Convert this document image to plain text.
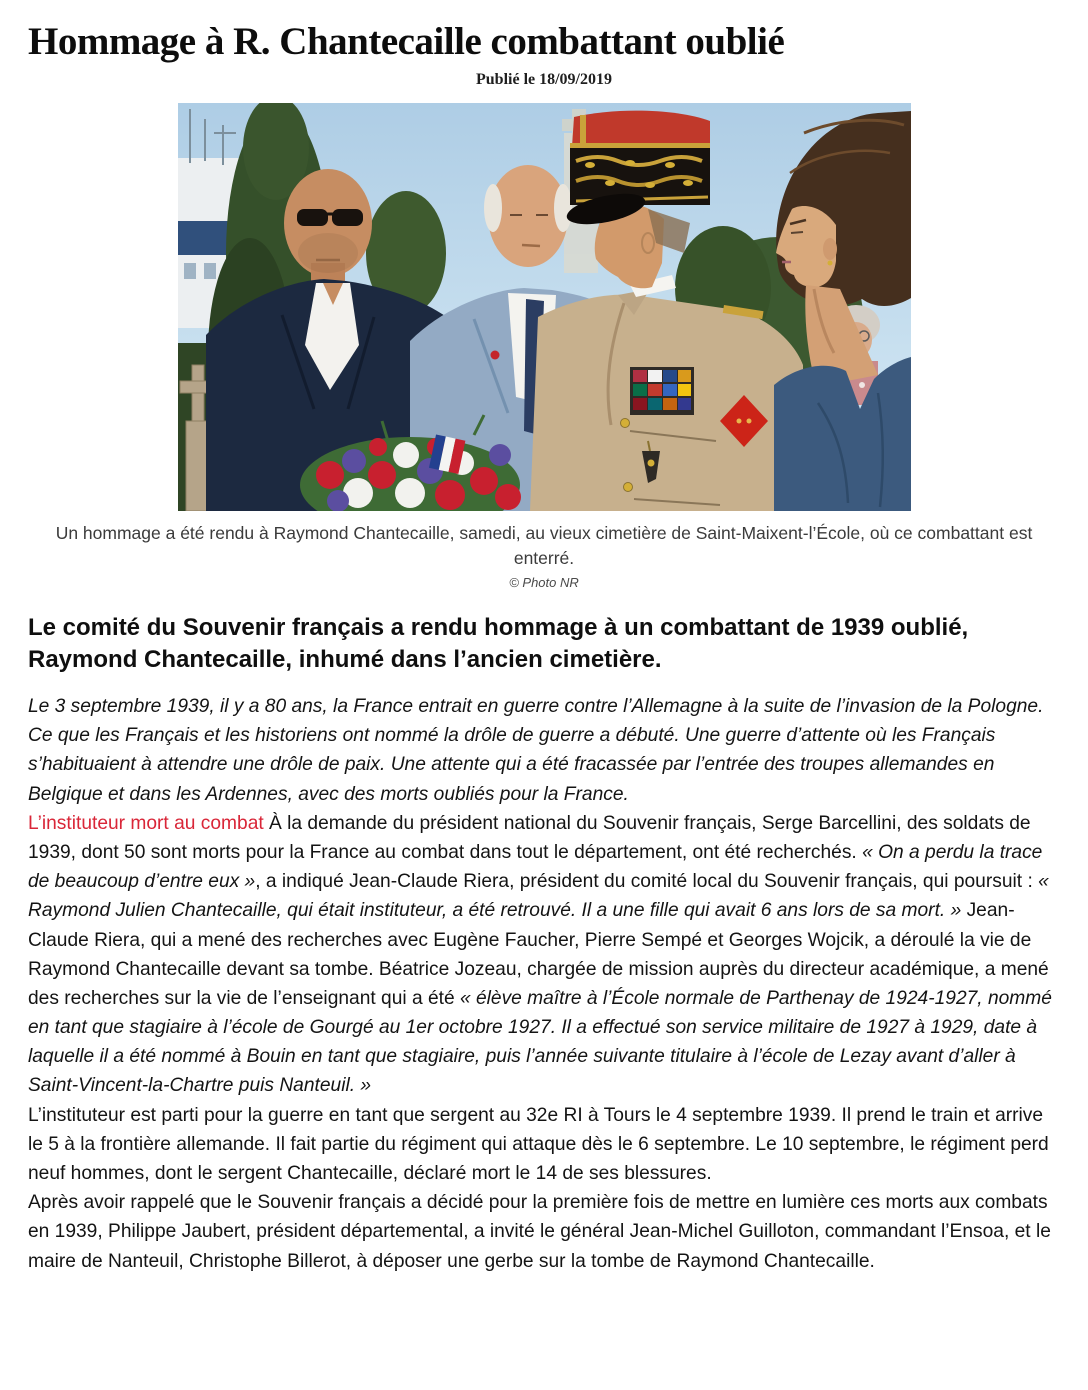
Hommage à R. Chantecaille combattant oublié
Publié le 18/09/2019
Un hommage a été rendu à Raymond Chantecaille, samedi, au vieux cimetière de Saint-Maixent-l’École, où ce combattant est enterré.
© Photo NR
Le comité du Souvenir français a rendu hommage à un combattant de 1939 oublié, Raymond Chantecaille, inhumé dans l’ancien cimetière.

Le 3 septembre 1939, il y a 80 ans, la France entrait en guerre contre l’Allemagne à la suite de l’invasion de la Pologne. Ce que les Français et les historiens ont nommé la drôle de guerre a débuté. Une guerre d’attente où les Français s’habituaient à attendre une drôle de paix. Une attente qui a été fracassée par l’entrée des troupes allemandes en Belgique et dans les Ardennes, avec des morts oubliés pour la France.

L’instituteur mort au combat À la demande du président national du Souvenir français, Serge Barcellini, des soldats de 1939, dont 50 sont morts pour la France au combat dans tout le département, ont été recherchés. « On a perdu la trace de beaucoup d’entre eux », a indiqué Jean-Claude Riera, président du comité local du Souvenir français, qui poursuit : « Raymond Julien Chantecaille, qui était instituteur, a été retrouvé. Il a une fille qui avait 6 ans lors de sa mort. » Jean-Claude Riera, qui a mené des recherches avec Eugène Faucher, Pierre Sempé et Georges Wojcik, a déroulé la vie de Raymond Chantecaille devant sa tombe. Béatrice Jozeau, chargée de mission auprès du directeur académique, a mené des recherches sur la vie de l’enseignant qui a été « élève maître à l’École normale de Parthenay de 1924-1927, nommé en tant que stagiaire à l’école de Gourgé au 1er octobre 1927. Il a effectué son service militaire de 1927 à 1929, date à laquelle il a été nommé à Bouin en tant que stagiaire, puis l’année suivante titulaire à l’école de Lezay avant d’aller à Saint-Vincent-la-Chartre puis Nanteuil. »

L’instituteur est parti pour la guerre en tant que sergent au 32e RI à Tours le 4 septembre 1939. Il prend le train et arrive le 5 à la frontière allemande. Il fait partie du régiment qui attaque dès le 6 septembre. Le 10 septembre, le régiment perd neuf hommes, dont le sergent Chantecaille, déclaré mort le 14 de ses blessures.

Après avoir rappelé que le Souvenir français a décidé pour la première fois de mettre en lumière ces morts aux combats en 1939, Philippe Jaubert, président départemental, a invité le général Jean-Michel Guilloton, commandant l’Ensoa, et le maire de Nanteuil, Christophe Billerot, à déposer une gerbe sur la tombe de Raymond Chantecaille.
